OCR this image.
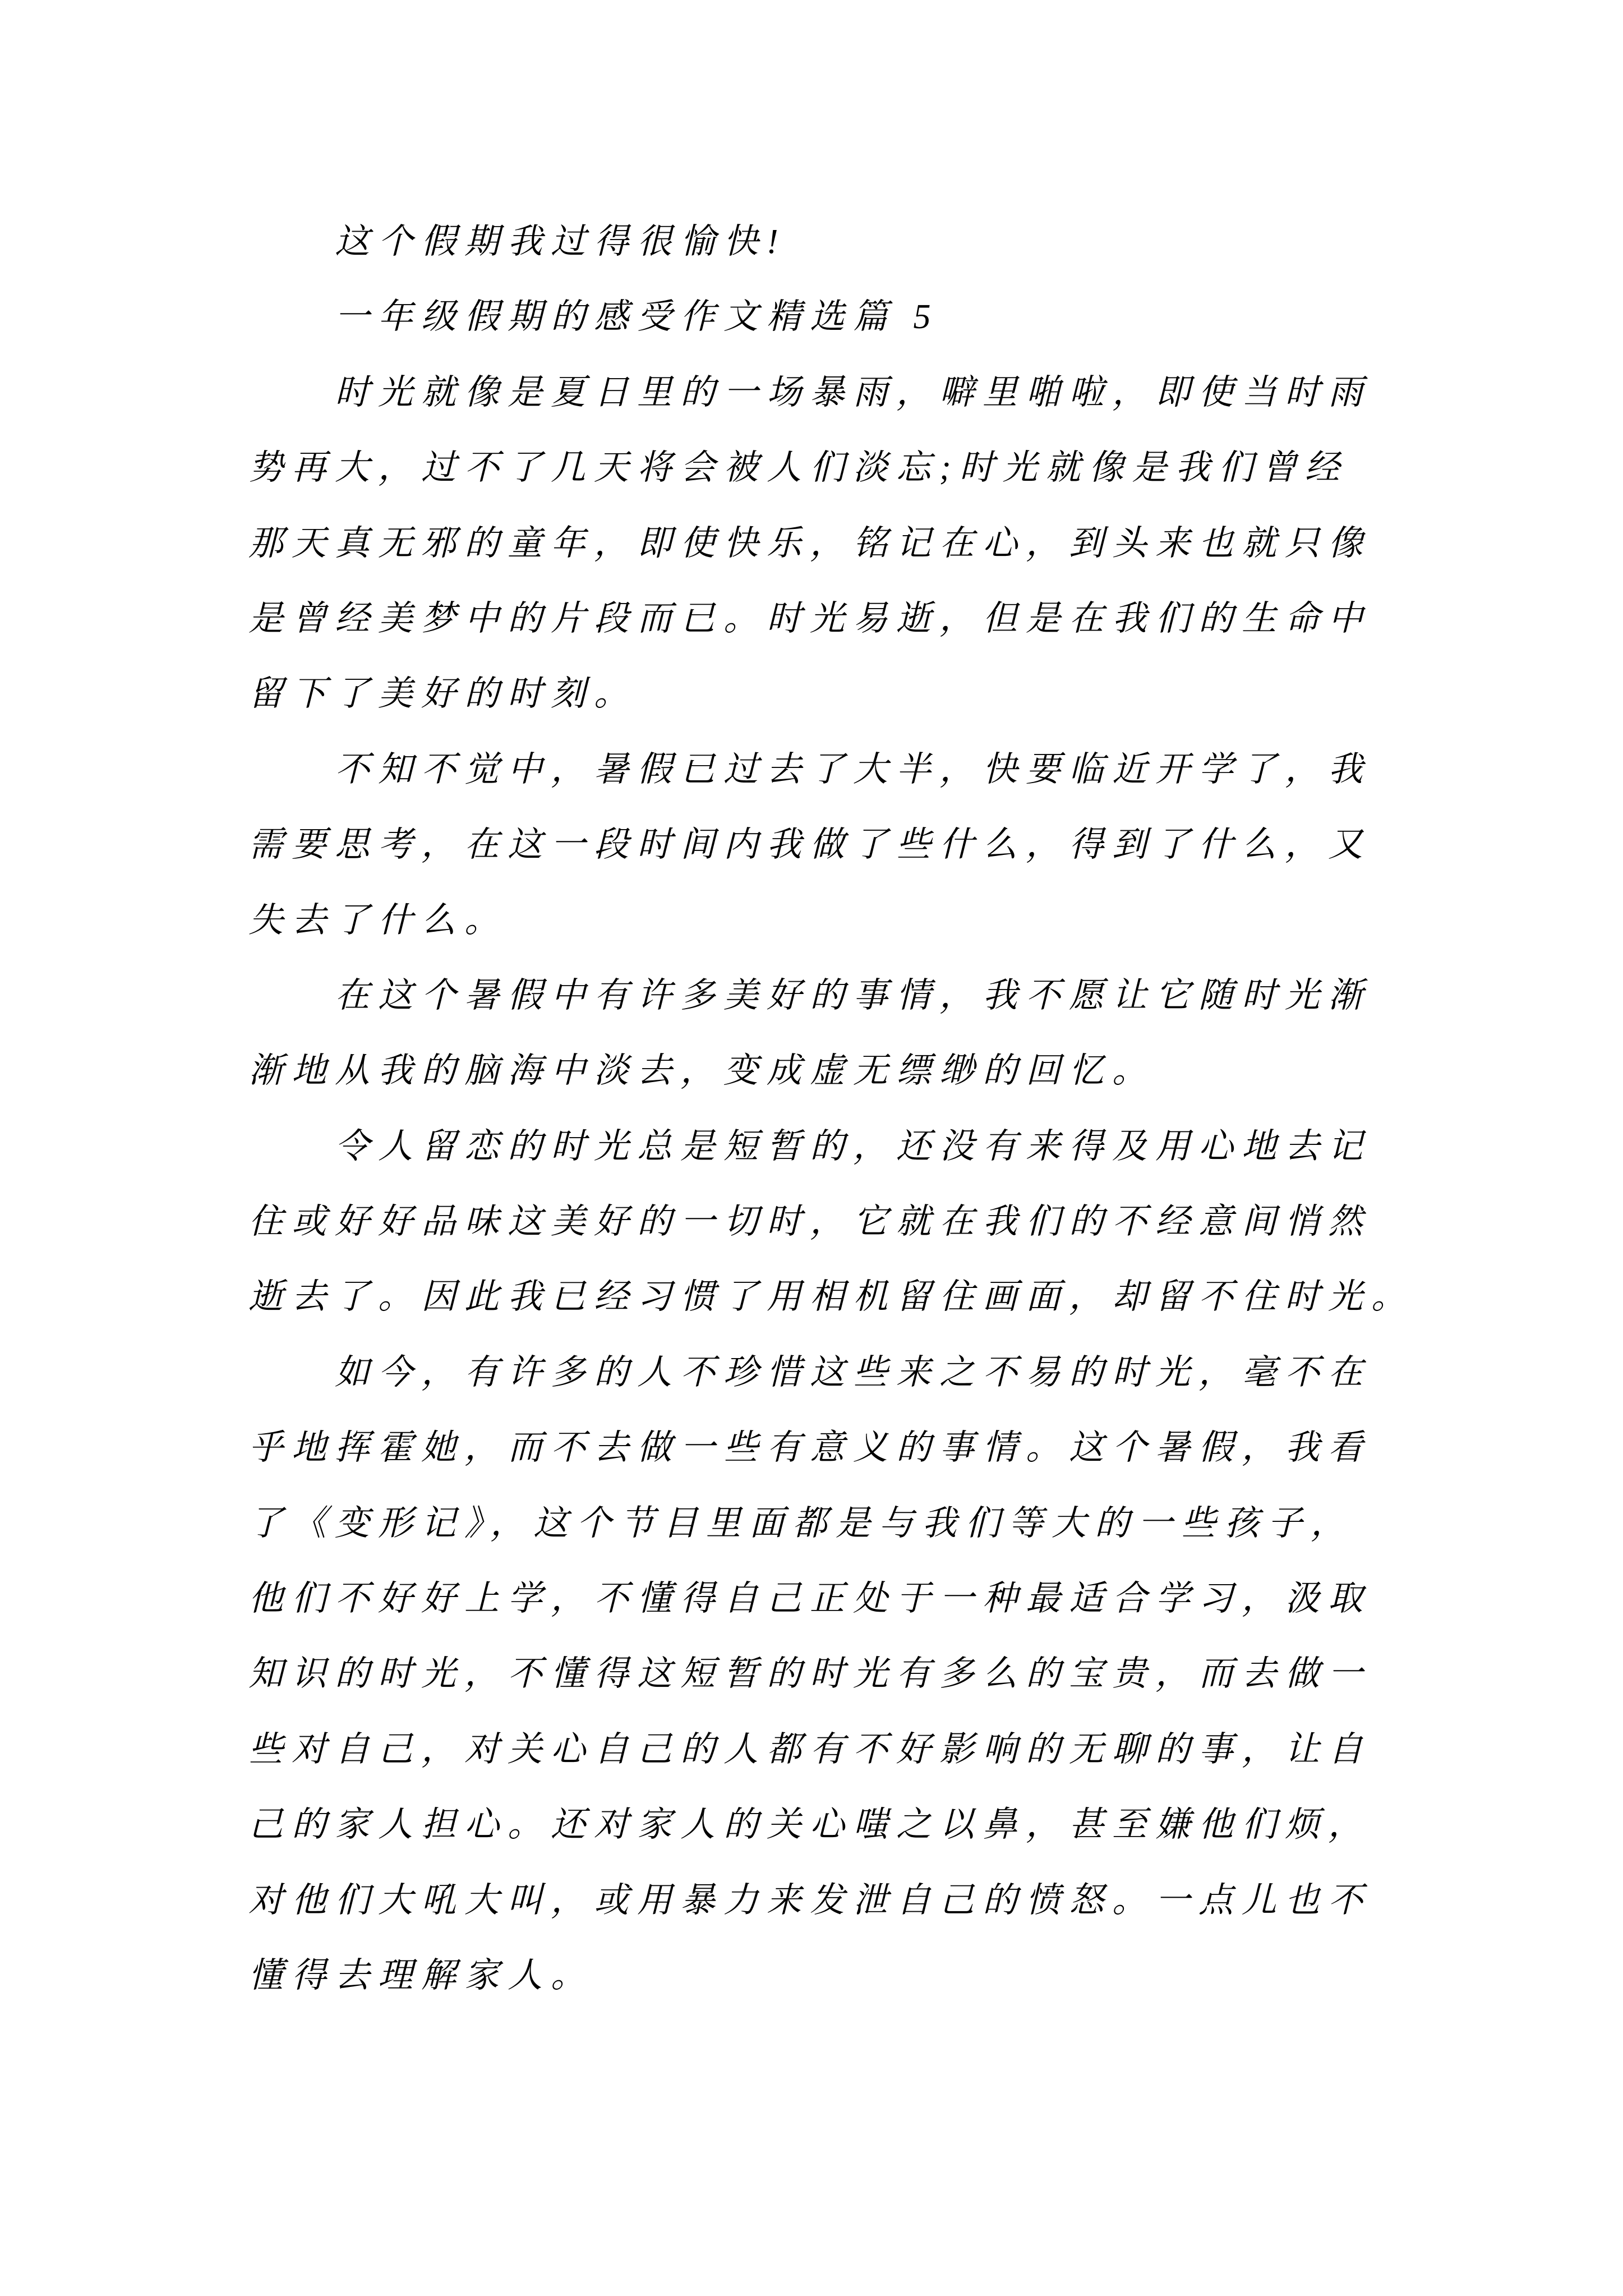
这个假期我过得很愉快!
一年级假期的感受作文精选篇 5
时光就像是夏日里的一场暴雨，噼里啪啦，即使当时雨
势再大，过不了几天将会被人们淡忘;时光就像是我们曾经
那天真无邪的童年，即使快乐，铭记在心，到头来也就只像
是曾经美梦中的片段而已。时光易逝，但是在我们的生命中
留下了美好的时刻。
不知不觉中，暑假已过去了大半，快要临近开学了，我
需要思考，在这一段时间内我做了些什么，得到了什么，又
失去了什么。
在这个暑假中有许多美好的事情，我不愿让它随时光渐
渐地从我的脑海中淡去，变成虚无缥缈的回忆。
令人留恋的时光总是短暂的，还没有来得及用心地去记
住或好好品味这美好的一切时，它就在我们的不经意间悄然
逝去了。因此我已经习惯了用相机留住画面，却留不住时光。
如今，有许多的人不珍惜这些来之不易的时光，毫不在
乎地挥霍她，而不去做一些有意义的事情。这个暑假，我看
了《变形记》，这个节目里面都是与我们等大的一些孩子，
他们不好好上学，不懂得自己正处于一种最适合学习，汲取
知识的时光，不懂得这短暂的时光有多么的宝贵，而去做一
些对自己，对关心自己的人都有不好影响的无聊的事，让自
己的家人担心。还对家人的关心嗤之以鼻，甚至嫌他们烦，
对他们大吼大叫，或用暴力来发泄自己的愤怒。一点儿也不
懂得去理解家人。
